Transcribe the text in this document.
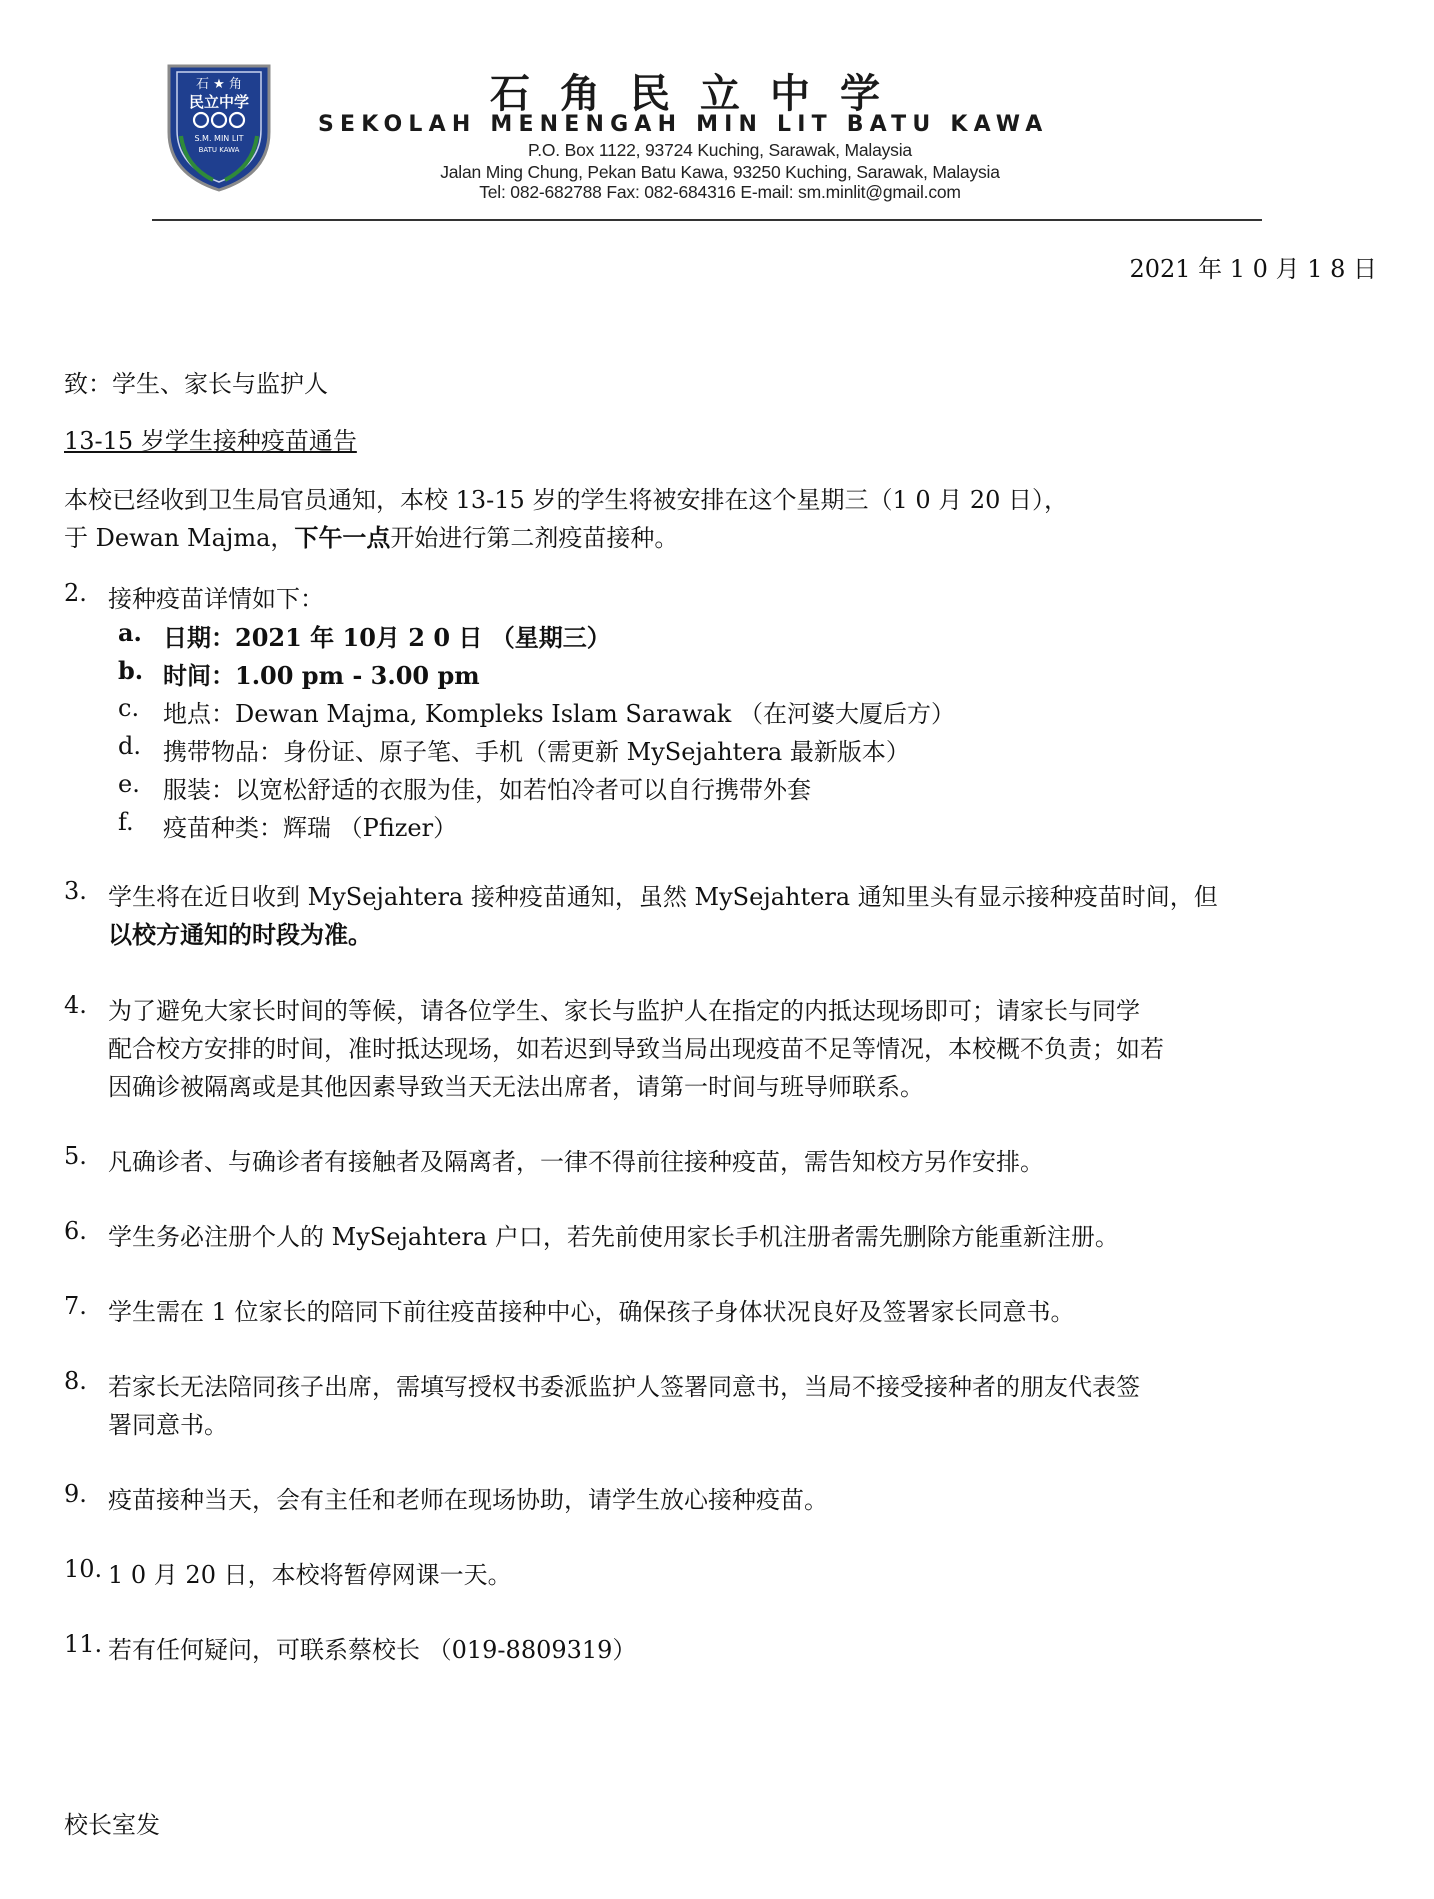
石 ★ 角
民立中学
S.M. MIN LIT
BATU KAWA
石角民立中学
SEKOLAH MENENGAH MIN LIT BATU KAWA
P.O. Box 1122, 93724 Kuching, Sarawak, Malaysia
Jalan Ming Chung, Pekan Batu Kawa, 93250 Kuching, Sarawak, Malaysia
Tel: 082-682788 Fax: 082-684316 E-mail: sm.minlit@gmail.com
2021 年 1 0 月 1 8 日
致：学生、家长与监护人
13-15 岁学生接种疫苗通告
本校已经收到卫生局官员通知，本校 13-15 岁的学生将被安排在这个星期三（1 0 月 20 日），
于 Dewan Majma，下午一点开始进行第二剂疫苗接种。
2. 接种疫苗详情如下：
a. 日期：2021 年 10月 2 0 日 （星期三）
b. 时间：1.00 pm - 3.00 pm
c. 地点：Dewan Majma, Kompleks Islam Sarawak （在河婆大厦后方）
d. 携带物品：身份证、原子笔、手机（需更新 MySejahtera 最新版本）
e. 服装：以宽松舒适的衣服为佳，如若怕冷者可以自行携带外套
f. 疫苗种类：辉瑞 （Pfizer）
3. 学生将在近日收到 MySejahtera 接种疫苗通知，虽然 MySejahtera 通知里头有显示接种疫苗时间，但
以校方通知的时段为准。
4. 为了避免大家长时间的等候，请各位学生、家长与监护人在指定的内抵达现场即可；请家长与同学
配合校方安排的时间，准时抵达现场，如若迟到导致当局出现疫苗不足等情况，本校概不负责；如若
因确诊被隔离或是其他因素导致当天无法出席者，请第一时间与班导师联系。
5. 凡确诊者、与确诊者有接触者及隔离者，一律不得前往接种疫苗，需告知校方另作安排。
6. 学生务必注册个人的 MySejahtera 户口，若先前使用家长手机注册者需先删除方能重新注册。
7. 学生需在 1 位家长的陪同下前往疫苗接种中心，确保孩子身体状况良好及签署家长同意书。
8. 若家长无法陪同孩子出席，需填写授权书委派监护人签署同意书，当局不接受接种者的朋友代表签
署同意书。
9. 疫苗接种当天，会有主任和老师在现场协助，请学生放心接种疫苗。
10. 1 0 月 20 日，本校将暂停网课一天。
11. 若有任何疑问，可联系蔡校长 （019-8809319）
校长室发
